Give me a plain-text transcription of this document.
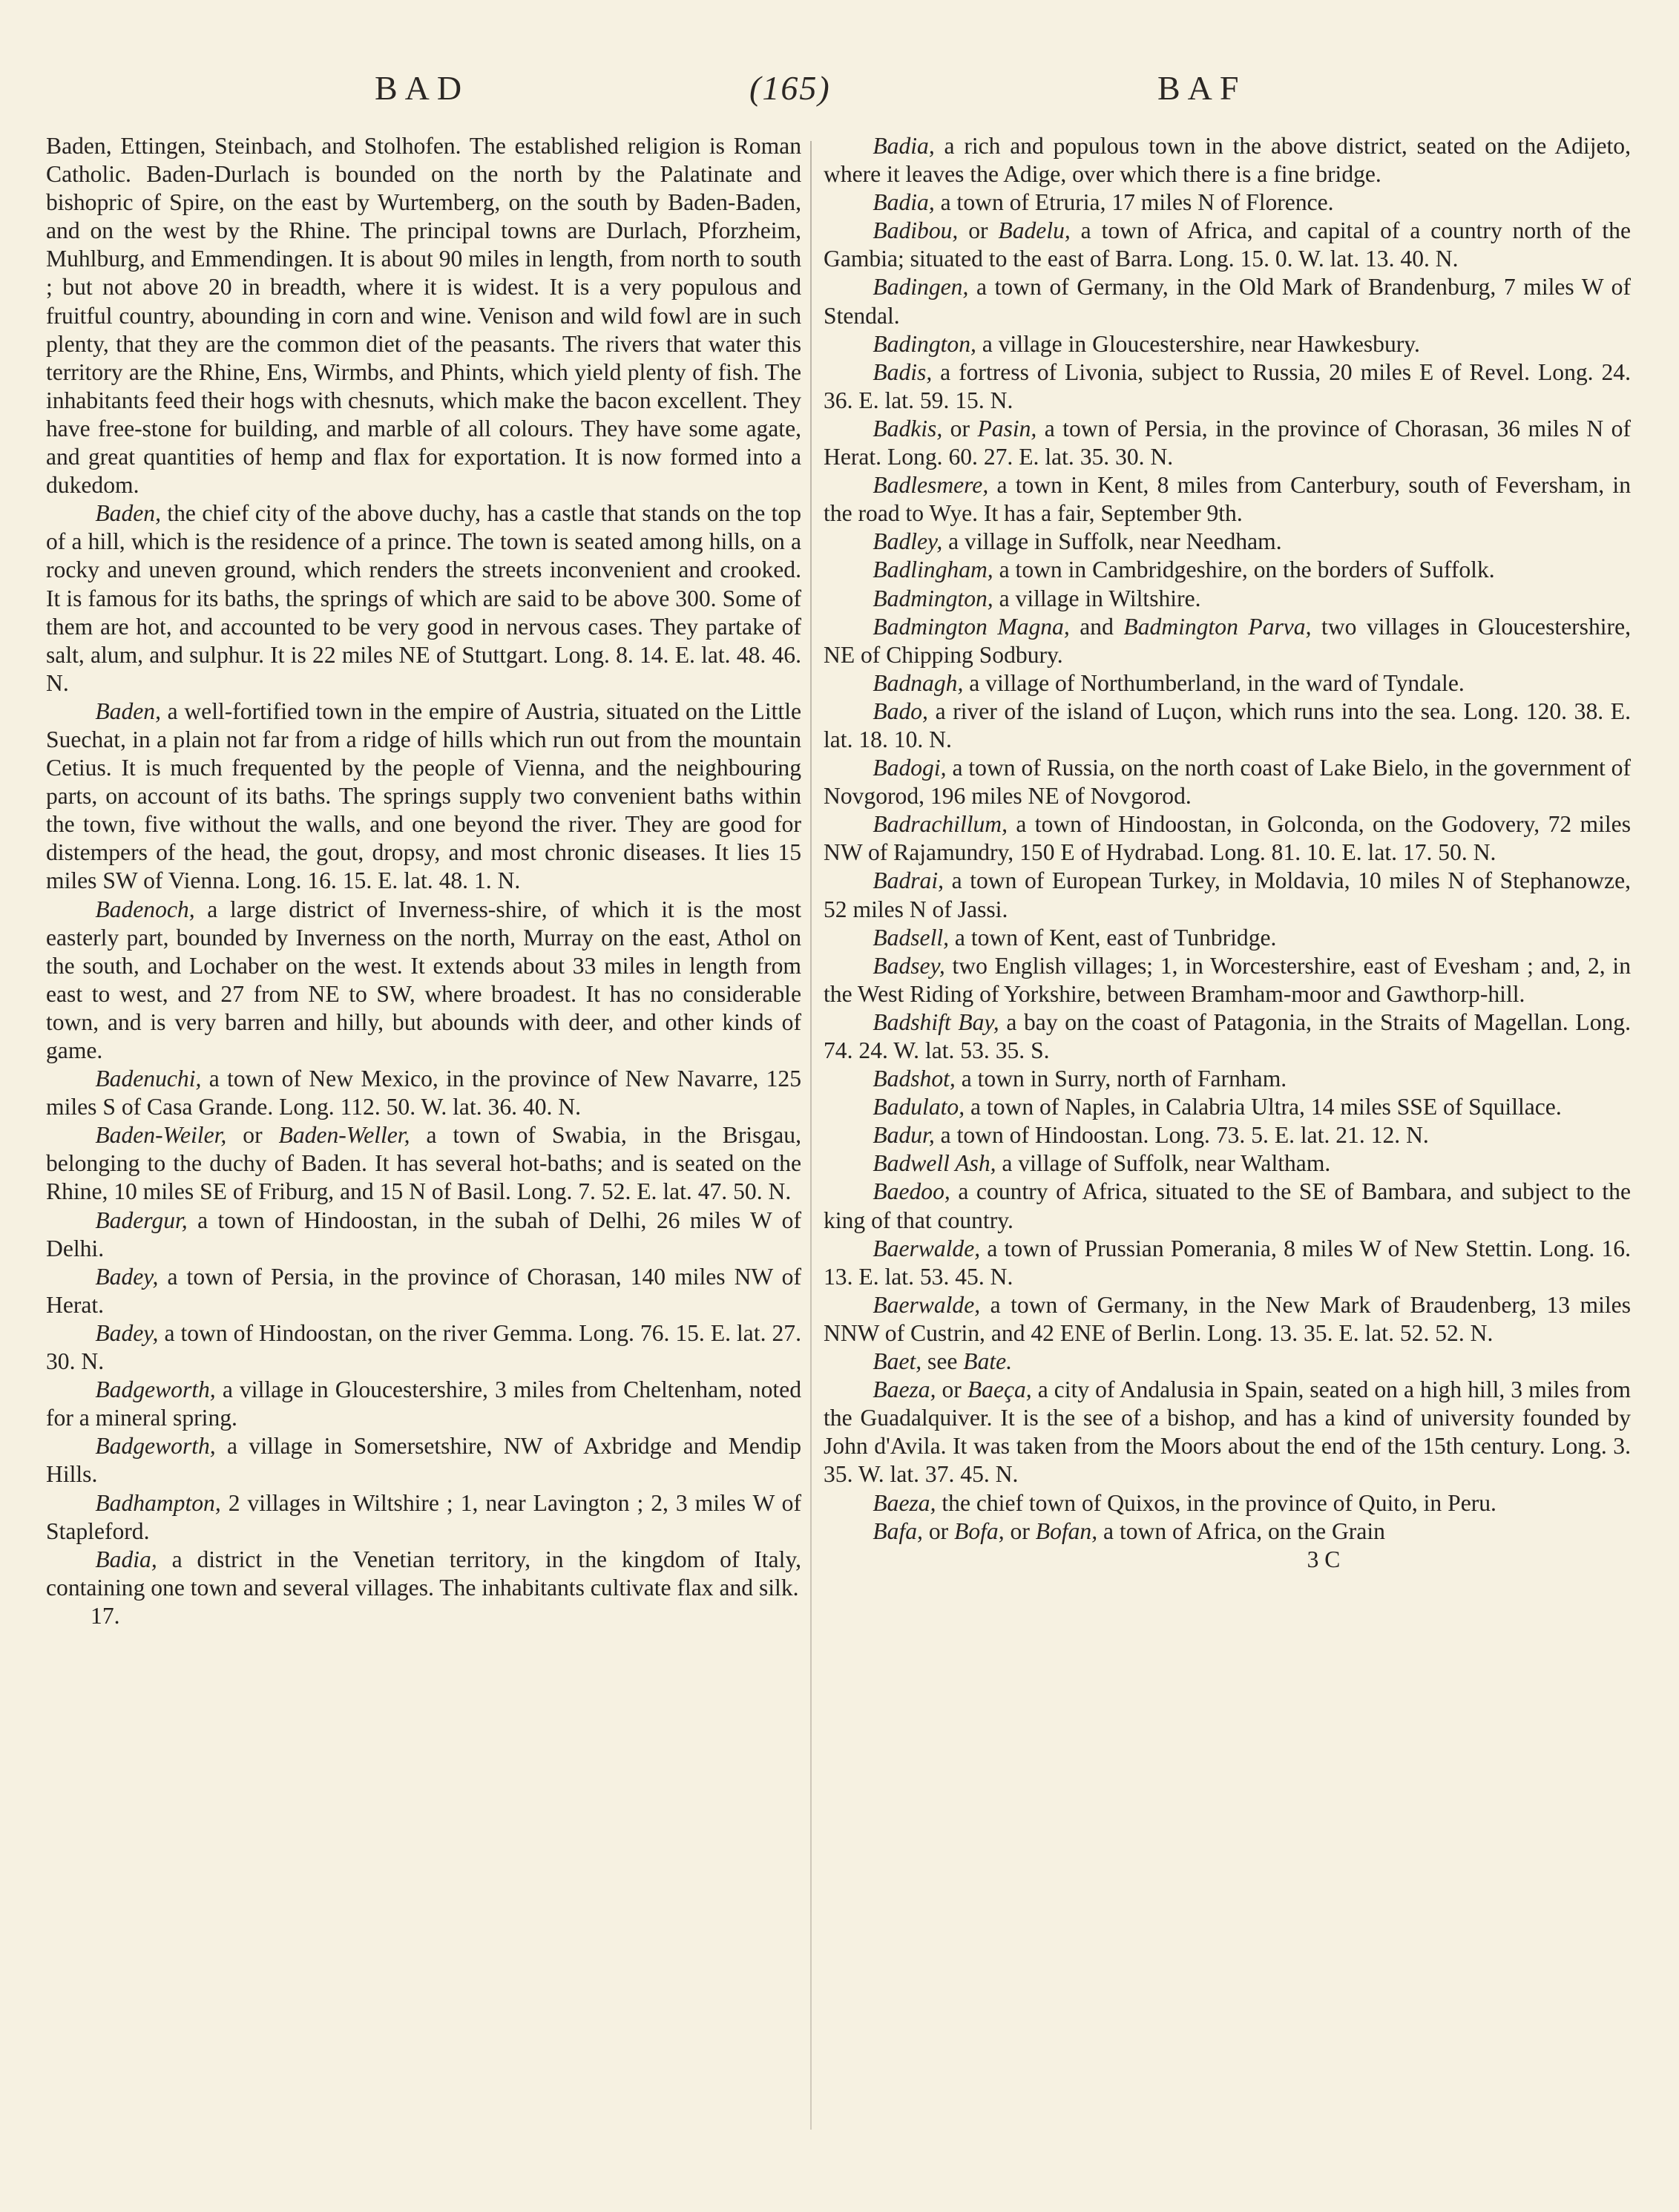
BAD	(165)	BAF

Baden, Ettingen, Steinbach, and Stolhofen. The established religion is Roman Catholic. Baden-Durlach is bounded on the north by the Palatinate and bishopric of Spire, on the east by Wurtemberg, on the south by Baden-Baden, and on the west by the Rhine. The principal towns are Durlach, Pforzheim, Muhlburg, and Emmendingen. It is about 90 miles in length, from north to south ; but not above 20 in breadth, where it is widest. It is a very populous and fruitful country, abounding in corn and wine. Venison and wild fowl are in such plenty, that they are the common diet of the peasants. The rivers that water this territory are the Rhine, Ens, Wirmbs, and Phints, which yield plenty of fish. The inhabitants feed their hogs with chesnuts, which make the bacon excellent. They have free-stone for building, and marble of all colours. They have some agate, and great quantities of hemp and flax for exportation. It is now formed into a dukedom.

Baden, the chief city of the above duchy, has a castle that stands on the top of a hill, which is the residence of a prince. The town is seated among hills, on a rocky and uneven ground, which renders the streets inconvenient and crooked. It is famous for its baths, the springs of which are said to be above 300. Some of them are hot, and accounted to be very good in nervous cases. They partake of salt, alum, and sulphur. It is 22 miles NE of Stuttgart. Long. 8. 14. E. lat. 48. 46. N.

Baden, a well-fortified town in the empire of Austria, situated on the Little Suechat, in a plain not far from a ridge of hills which run out from the mountain Cetius. It is much frequented by the people of Vienna, and the neighbouring parts, on account of its baths. The springs supply two convenient baths within the town, five without the walls, and one beyond the river. They are good for distempers of the head, the gout, dropsy, and most chronic diseases. It lies 15 miles SW of Vienna. Long. 16. 15. E. lat. 48. 1. N.

Badenoch, a large district of Inverness-shire, of which it is the most easterly part, bounded by Inverness on the north, Murray on the east, Athol on the south, and Lochaber on the west. It extends about 33 miles in length from east to west, and 27 from NE to SW, where broadest. It has no considerable town, and is very barren and hilly, but abounds with deer, and other kinds of game.

Badenuchi, a town of New Mexico, in the province of New Navarre, 125 miles S of Casa Grande. Long. 112. 50. W. lat. 36. 40. N.

Baden-Weiler, or Baden-Weller, a town of Swabia, in the Brisgau, belonging to the duchy of Baden. It has several hot-baths; and is seated on the Rhine, 10 miles SE of Friburg, and 15 N of Basil. Long. 7. 52. E. lat. 47. 50. N.

Badergur, a town of Hindoostan, in the subah of Delhi, 26 miles W of Delhi.

Badey, a town of Persia, in the province of Chorasan, 140 miles NW of Herat.

Badey, a town of Hindoostan, on the river Gemma. Long. 76. 15. E. lat. 27. 30. N.

Badgeworth, a village in Gloucestershire, 3 miles from Cheltenham, noted for a mineral spring.

Badgeworth, a village in Somersetshire, NW of Axbridge and Mendip Hills.

Badhampton, 2 villages in Wiltshire ; 1, near Lavington ; 2, 3 miles W of Stapleford.

Badia, a district in the Venetian territory, in the kingdom of Italy, containing one town and several villages. The inhabitants cultivate flax and silk.

17.

Badia, a rich and populous town in the above district, seated on the Adijeto, where it leaves the Adige, over which there is a fine bridge.

Badia, a town of Etruria, 17 miles N of Florence.

Badibou, or Badelu, a town of Africa, and capital of a country north of the Gambia; situated to the east of Barra. Long. 15. 0. W. lat. 13. 40. N.

Badingen, a town of Germany, in the Old Mark of Brandenburg, 7 miles W of Stendal.

Badington, a village in Gloucestershire, near Hawkesbury.

Badis, a fortress of Livonia, subject to Russia, 20 miles E of Revel. Long. 24. 36. E. lat. 59. 15. N.

Badkis, or Pasin, a town of Persia, in the province of Chorasan, 36 miles N of Herat. Long. 60. 27. E. lat. 35. 30. N.

Badlesmere, a town in Kent, 8 miles from Canterbury, south of Feversham, in the road to Wye. It has a fair, September 9th.

Badley, a village in Suffolk, near Needham.

Badlingham, a town in Cambridgeshire, on the borders of Suffolk.

Badmington, a village in Wiltshire.

Badmington Magna, and Badmington Parva, two villages in Gloucestershire, NE of Chipping Sodbury.

Badnagh, a village of Northumberland, in the ward of Tyndale.

Bado, a river of the island of Luçon, which runs into the sea. Long. 120. 38. E. lat. 18. 10. N.

Badogi, a town of Russia, on the north coast of Lake Bielo, in the government of Novgorod, 196 miles NE of Novgorod.

Badrachillum, a town of Hindoostan, in Golconda, on the Godovery, 72 miles NW of Rajamundry, 150 E of Hydrabad. Long. 81. 10. E. lat. 17. 50. N.

Badrai, a town of European Turkey, in Moldavia, 10 miles N of Stephanowze, 52 miles N of Jassi.

Badsell, a town of Kent, east of Tunbridge.

Badsey, two English villages; 1, in Worcestershire, east of Evesham ; and, 2, in the West Riding of Yorkshire, between Bramham-moor and Gawthorp-hill.

Badshift Bay, a bay on the coast of Patagonia, in the Straits of Magellan. Long. 74. 24. W. lat. 53. 35. S.

Badshot, a town in Surry, north of Farnham.

Badulato, a town of Naples, in Calabria Ultra, 14 miles SSE of Squillace.

Badur, a town of Hindoostan. Long. 73. 5. E. lat. 21. 12. N.

Badwell Ash, a village of Suffolk, near Waltham.

Baedoo, a country of Africa, situated to the SE of Bambara, and subject to the king of that country.

Baerwalde, a town of Prussian Pomerania, 8 miles W of New Stettin. Long. 16. 13. E. lat. 53. 45. N.

Baerwalde, a town of Germany, in the New Mark of Braudenberg, 13 miles NNW of Custrin, and 42 ENE of Berlin. Long. 13. 35. E. lat. 52. 52. N.

Baet, see Bate.

Baeza, or Baeça, a city of Andalusia in Spain, seated on a high hill, 3 miles from the Guadalquiver. It is the see of a bishop, and has a kind of university founded by John d'Avila. It was taken from the Moors about the end of the 15th century. Long. 3. 35. W. lat. 37. 45. N.

Baeza, the chief town of Quixos, in the province of Quito, in Peru.

Bafa, or Bofa, or Bofan, a town of Africa, on the Grain

3 C
